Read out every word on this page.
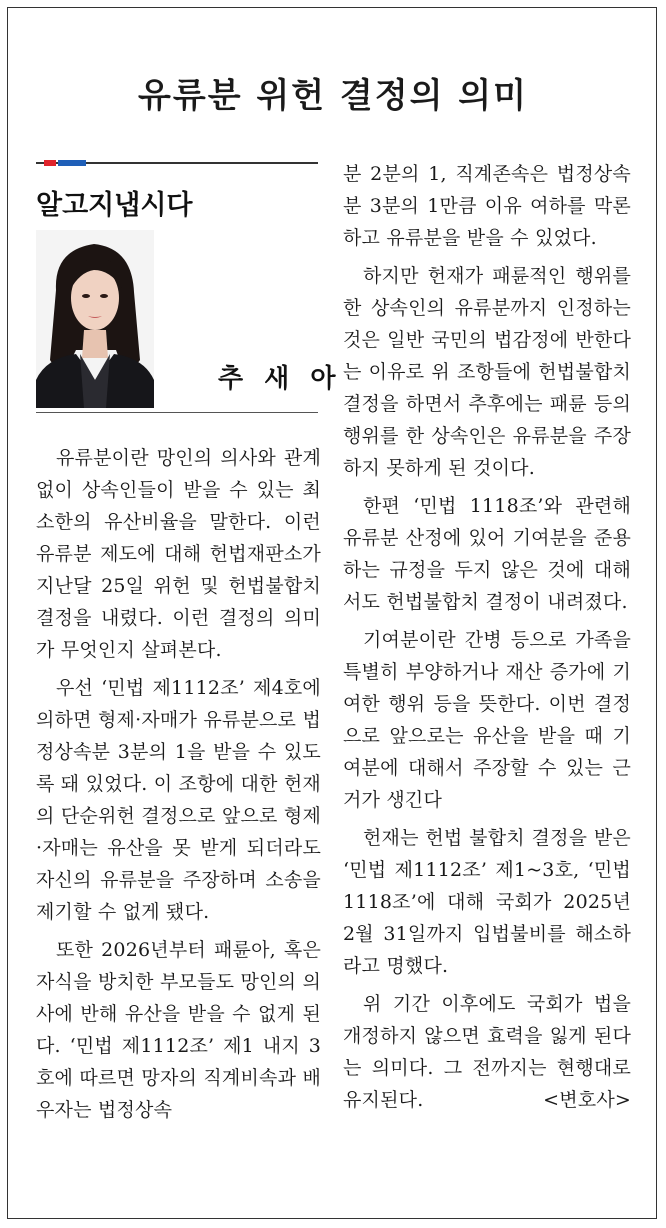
유류분 위헌 결정의 의미
알고지냅시다
추 새 아

유류분이란 망인의 의사와 관계 없이 상속인들이 받을 수 있는 최소한의 유산비율을 말한다. 이런 유류분 제도에 대해 헌법재판소가 지난달 25일 위헌 및 헌법불합치 결정을 내렸다. 이런 결정의 의미가 무엇인지 살펴본다.

우선 ‘민법 제1112조’ 제4호에 의하면 형제·자매가 유류분으로 법정상속분 3분의 1을 받을 수 있도록 돼 있었다. 이 조항에 대한 헌재의 단순위헌 결정으로 앞으로 형제·자매는 유산을 못 받게 되더라도 자신의 유류분을 주장하며 소송을 제기할 수 없게 됐다.

또한 2026년부터 패륜아, 혹은 자식을 방치한 부모들도 망인의 의사에 반해 유산을 받을 수 없게 된다. ‘민법 제1112조’ 제1 내지 3호에 따르면 망자의 직계비속과 배우자는 법정상속

분 2분의 1, 직계존속은 법정상속분 3분의 1만큼 이유 여하를 막론하고 유류분을 받을 수 있었다.

하지만 헌재가 패륜적인 행위를 한 상속인의 유류분까지 인정하는 것은 일반 국민의 법감정에 반한다는 이유로 위 조항들에 헌법불합치 결정을 하면서 추후에는 패륜 등의 행위를 한 상속인은 유류분을 주장하지 못하게 된 것이다.

한편 ‘민법 1118조’와 관련해 유류분 산정에 있어 기여분을 준용하는 규정을 두지 않은 것에 대해서도 헌법불합치 결정이 내려졌다.

기여분이란 간병 등으로 가족을 특별히 부양하거나 재산 증가에 기여한 행위 등을 뜻한다. 이번 결정으로 앞으로는 유산을 받을 때 기여분에 대해서 주장할 수 있는 근거가 생긴다

헌재는 헌법 불합치 결정을 받은 ‘민법 제1112조’ 제1~3호, ‘민법 1118조’에 대해 국회가 2025년 2월 31일까지 입법불비를 해소하라고 명했다.

위 기간 이후에도 국회가 법을 개정하지 않으면 효력을 잃게 된다는 의미다. 그 전까지는 현행대로 유지된다.	<변호사>
